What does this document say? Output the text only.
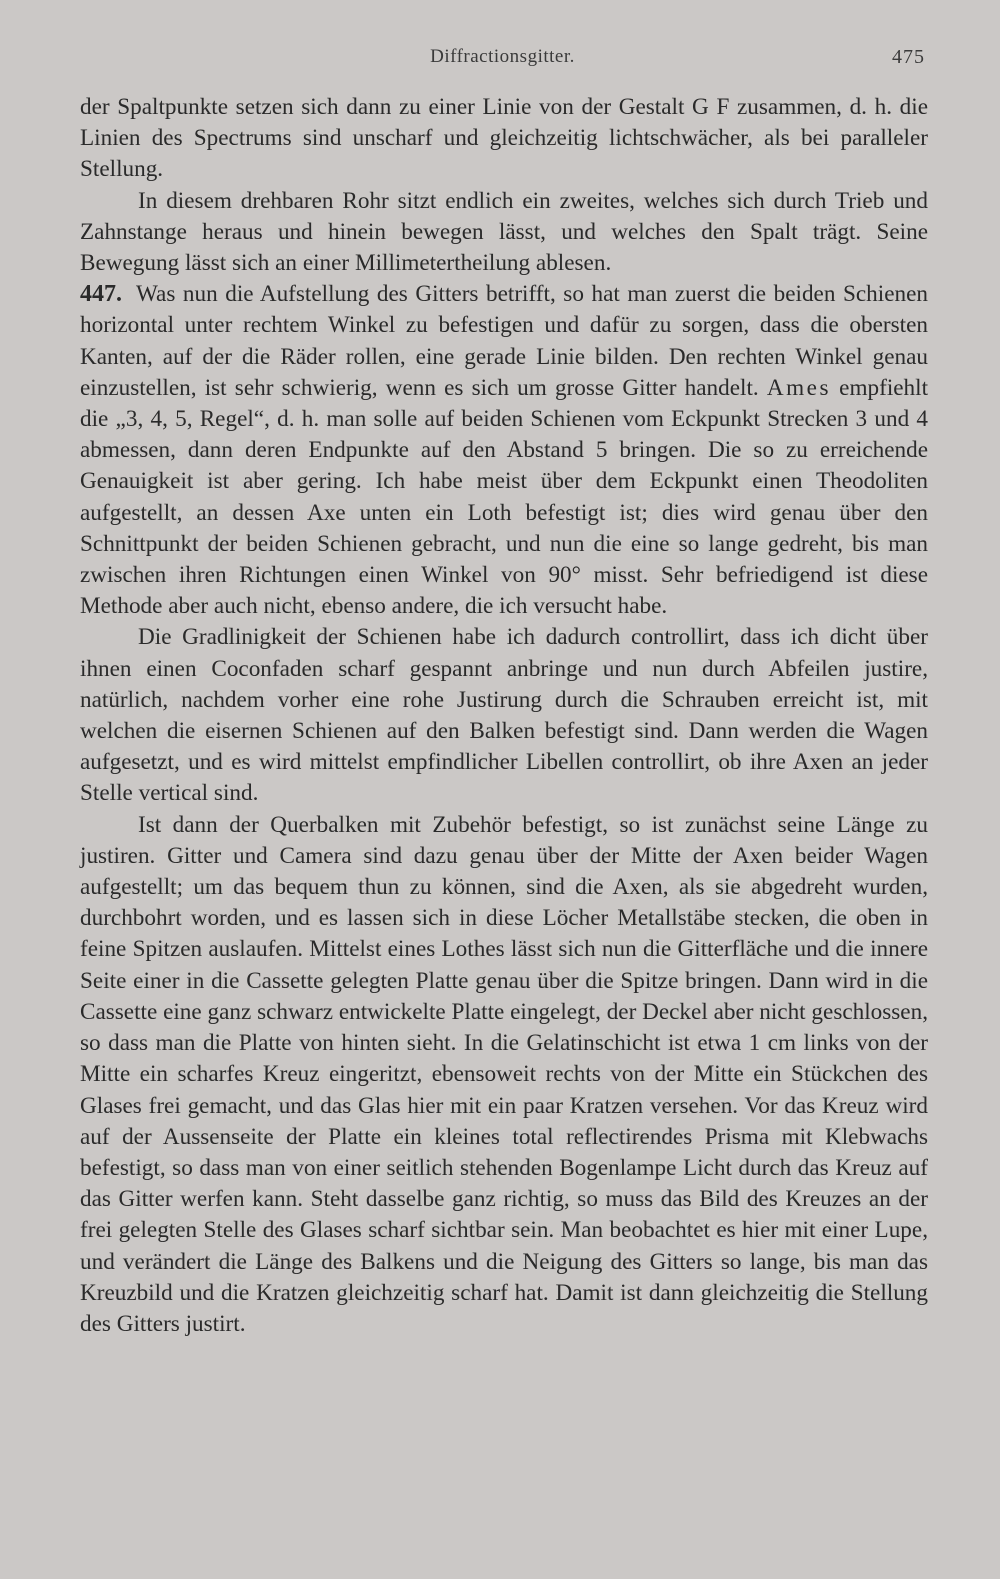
Diffractionsgitter.	475

der Spaltpunkte setzen sich dann zu einer Linie von der Gestalt G F zusammen, d. h. die Linien des Spectrums sind unscharf und gleichzeitig lichtschwächer, als bei paralleler Stellung.

In diesem drehbaren Rohr sitzt endlich ein zweites, welches sich durch Trieb und Zahnstange heraus und hinein bewegen lässt, und welches den Spalt trägt. Seine Bewegung lässt sich an einer Millimetertheilung ablesen.

447. Was nun die Aufstellung des Gitters betrifft, so hat man zuerst die beiden Schienen horizontal unter rechtem Winkel zu befestigen und dafür zu sorgen, dass die obersten Kanten, auf der die Räder rollen, eine gerade Linie bilden. Den rechten Winkel genau einzustellen, ist sehr schwierig, wenn es sich um grosse Gitter handelt. Ames empfiehlt die „3, 4, 5, Regel“, d. h. man solle auf beiden Schienen vom Eckpunkt Strecken 3 und 4 abmessen, dann deren Endpunkte auf den Abstand 5 bringen. Die so zu erreichende Genauigkeit ist aber gering. Ich habe meist über dem Eckpunkt einen Theodoliten aufgestellt, an dessen Axe unten ein Loth befestigt ist; dies wird genau über den Schnittpunkt der beiden Schienen gebracht, und nun die eine so lange gedreht, bis man zwischen ihren Richtungen einen Winkel von 90° misst. Sehr befriedigend ist diese Methode aber auch nicht, ebenso andere, die ich versucht habe.

Die Gradlinigkeit der Schienen habe ich dadurch controllirt, dass ich dicht über ihnen einen Coconfaden scharf gespannt anbringe und nun durch Abfeilen justire, natürlich, nachdem vorher eine rohe Justirung durch die Schrauben erreicht ist, mit welchen die eisernen Schienen auf den Balken befestigt sind. Dann werden die Wagen aufgesetzt, und es wird mittelst empfindlicher Libellen controllirt, ob ihre Axen an jeder Stelle vertical sind.

Ist dann der Querbalken mit Zubehör befestigt, so ist zunächst seine Länge zu justiren. Gitter und Camera sind dazu genau über der Mitte der Axen beider Wagen aufgestellt; um das bequem thun zu können, sind die Axen, als sie abgedreht wurden, durchbohrt worden, und es lassen sich in diese Löcher Metallstäbe stecken, die oben in feine Spitzen auslaufen. Mittelst eines Lothes lässt sich nun die Gitterfläche und die innere Seite einer in die Cassette gelegten Platte genau über die Spitze bringen. Dann wird in die Cassette eine ganz schwarz entwickelte Platte eingelegt, der Deckel aber nicht geschlossen, so dass man die Platte von hinten sieht. In die Gelatinschicht ist etwa 1 cm links von der Mitte ein scharfes Kreuz eingeritzt, ebensoweit rechts von der Mitte ein Stückchen des Glases frei gemacht, und das Glas hier mit ein paar Kratzen versehen. Vor das Kreuz wird auf der Aussenseite der Platte ein kleines total reflectirendes Prisma mit Klebwachs befestigt, so dass man von einer seitlich stehenden Bogenlampe Licht durch das Kreuz auf das Gitter werfen kann. Steht dasselbe ganz richtig, so muss das Bild des Kreuzes an der frei gelegten Stelle des Glases scharf sichtbar sein. Man beobachtet es hier mit einer Lupe, und verändert die Länge des Balkens und die Neigung des Gitters so lange, bis man das Kreuzbild und die Kratzen gleichzeitig scharf hat. Damit ist dann gleichzeitig die Stellung des Gitters justirt.
